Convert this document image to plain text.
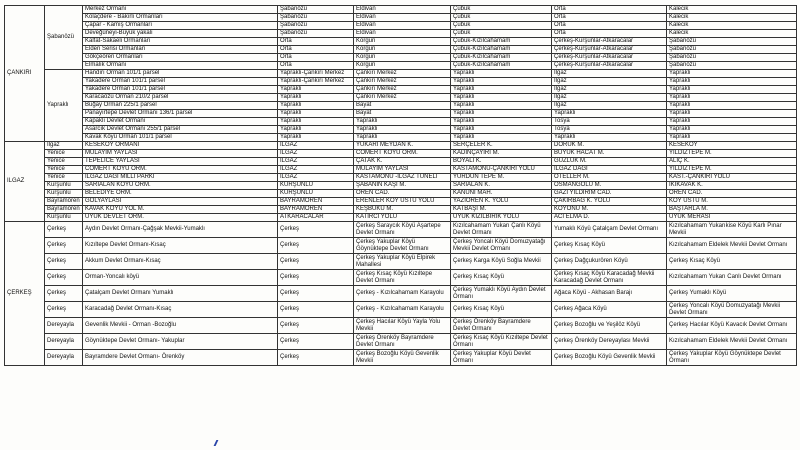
ÇANKIRI	Şabanözü	Merkez Ormanı	Şabanözü	Eldivan	Çubuk	Orta	Kalecik
		Kolaçdere - Bakırlı Ormanları	Şabanözü	Eldivan	Çubuk	Orta	Kalecik
		Çapar - Kamış Ormanları	Şabanözü	Eldivan	Çubuk	Orta	Kalecik
		Deveğüneyi-Büyük yakalı	Şabanözü	Eldivan	Çubuk	Orta	Kalecik
		Kalfat-Sakaeli Ormanları	Orta	Korgun	Çubuk-Kızılcahamam	Çerkeş-Kurşunlar-Atkaracalar	Şabanözü
		Elden Serisi Ormanları	Orta	Korgun	Çubuk-Kızılcahamam	Çerkeş-Kurşunlar-Atkaracalar	Şabanözü
		Gökçeören Ormanları	Orta	Korgun	Çubuk-Kızılcahamam	Çerkeş-Kurşunlar-Atkaracalar	Şabanözü
		Elmalık Ormanı	Orta	Korgun	Çubuk-Kızılcahamam	Çerkeş-Kurşunlar-Atkaracalar	Şabanözü
	Yapraklı	Handırı Orman 101/1 parsel	Yapraklı-Çankırı Merkez	Çankırı Merkez	Yapraklı	Ilgaz	Yapraklı
		Yakadere Orman 101/1 parsel	Yapraklı-Çankırı Merkez	Çankırı Merkez	Yapraklı	Ilgaz	Yapraklı
		Yakadere Orman 101/1 parsel	Yapraklı	Çankırı Merkez	Yapraklı	Ilgaz	Yapraklı
		Karacaözü Orman 210/2 parsel	Yapraklı	Çankırı Merkez	Yapraklı	Ilgaz	Yapraklı
		Buğay Orman 225/1 parsel	Yapraklı	Bayat	Yapraklı	Ilgaz	Yapraklı
		Panayırtepe Devlet Ormanı 136/1 parsel	Yapraklı	Bayat	Yapraklı	Yapraklı	Yapraklı
		Kapaklı Devlet Ormanı	Yapraklı	Yapraklı	Yapraklı	Tosya	Yapraklı
		Asarcık Devlet Ormanı 255/1 parsel	Yapraklı	Yapraklı	Yapraklı	Tosya	Yapraklı
		Kavak Köyü Orman 101/1 parsel	Yapraklı	Yapraklı	Yapraklı	Yapraklı	Yapraklı
ILGAZ	Ilgaz	KESEKÖY ORMANI	ILGAZ	YUKARI MEYDAN K.	SERÇELER K.	DORUK M.	KESEKÖY
	Yenice	MÜLAYİM YAYLASI	ILGAZ	CÖMERT KÖYÜ ORM.	KADINÇAYIRI M.	BÜYÜK HACAT M.	YILDIZTEPE M.
	Yenice	TEPELİCE YAYLASI	ILGAZ	ÇATAK K.	BOYALI K.	GÜZLÜK M.	ALIÇ K.
	Yenice	CÖMERT KÖYÜ ORM.	ILGAZ	MÜLAYİM YAYLASI	KASTAMONU-ÇANKIRI YOLU	ILGAZ DAĞI	YILDIZTEPE M.
	Yenice	ILGAZ DAĞI MİLLİ PARKI	ILGAZ	KASTAMONU -ILGAZ TÜNELİ	YURDUN TEPE M.	OTELLER M.	KAST.-ÇANKIRI YOLU
	Kurşunlu	SARIALAN KÖYÜ ORM.	KURŞUNLU	ŞABANIN KAŞI M.	SARIALAN K.	OSMANGÖLÜ M.	İKİKAVAK K.
	Kurşunlu	BELEDİYE ORM.	KURŞUNLU	ÖREN CAD.	KANUNİ MAH.	GAZİ YILDIRIM CAD.	ÖREN CAD.
	Bayramören	GÖLYAYLASI	BAYRAMÖREN	ERENLER KÖY ÜSTÜ YOLU	YAZIÖREN K. YOLU	ÇAKIRBAĞ K. YOLU	KÖY ÜSTÜ M.
	Bayramören	KAVAK KÖYÜ YOL M.	BAYRAMÖREN	KEŞBÜKÜ M.	KATBAŞI M.	KÖYÖNÜ M.	BAŞTARLA M.
	Kurşunlu	ÜYÜK DEVLET ORM.	ATKARACALAR	KATIRCI YOLU	ÜYÜK KIZILBİRİK YOLU	ACI ELMA D.	ÜYÜK MERASI
ÇERKEŞ	Çerkeş	Aydın Devlet Ormanı-Çağşak Mevkii-Yumaklı	Çerkeş	Çerkeş Saraycık Köyü Aşartepe Devlet Ormanı	Kızılcahamam Yukarı Çanlı Köyü Devlet Ormanı	Yumaklı Köyü Çatalçam Devlet Ormanı	Kızılcahamam Yukarıkise Köyü Karlı Pınar Mevkii
	Çerkeş	Kızıltepe Devlet Ormanı-Kısaç	Çerkeş	Çerkeş Yakuplar Köyü Göynüktepe Devlet Ormanı	Çerkeş Yoncalı Köyü Domuzyatağı Mevkii Devlet Ormanı	Çerkeş Kısaç Köyü	Kızılcahamam Eldelek Mevkii Devlet Ormanı
	Çerkeş	Akkum Devlet Ormanı-Kısaç	Çerkeş	Çerkeş Yakuplar Köyü Elpirek Mahallesi	Çerkeş Karga Köyü Soğla Mevkii	Çerkeş Dağçukurören Köyü	Çerkeş Kısaç Köyü
	Çerkeş	Orman-Yoncalı köyü	Çerkeş	Çerkeş Kısaç Köyü Kızıltepe Devlet Ormanı	Çerkeş Kısaç Köyü	Çerkeş Kısaç Köyü Karacadağ Mevkii Karacadağ Devlet Ormanı	Kızılcahamam Yukarı Canlı Devlet Ormanı
	Çerkeş	Çatalçam Devlet Ormanı Yumaklı	Çerkeş	Çerkeş - Kızılcahamam Karayolu	Çerkeş Yumaklı Köyü Aydın Devlet Ormanı	Ağaca Köyü - Akhasan Barajı	Çerkeş Yumaklı Köyü
	Çerkeş	Karacadağ Devlet Ormanı-Kısaç	Çerkeş	Çerkeş - Kızılcahamam Karayolu	Çerkeş Kısaç Köyü	Çerkeş Ağaca Köyü	Çerkeş Yoncalı Köyü Domuzyatağı Mevkii Devlet Ormanı
	Dereyayla	Gevenlik Mevkii - Orman -Bozoğlu	Çerkeş	Çerkeş Hacılar Köyü Yayla Yolu Mevkii	Çerkeş Örenköy Bayramdere Devlet Ormanı	Çerkeş Bozoğlu ve Yeşilöz Köyü	Çerkeş Hacılar Köyü Kavacık Devlet Ormanı
	Dereyayla	Göynüktepe Devlet Ormanı- Yakuplar	Çerkeş	Çerkeş Örenköy Bayramdere Devlet Ormanı	Çerkeş Kısaç Köyü Kızıltepe Devlet Ormanı	Çerkeş Örenköy Dereyaylası Mevkii	Kızılcahamam Eldelek Mevkii Devlet Ormanı
	Dereyayla	Bayramdere Devlet Ormanı- Örenköy	Çerkeş	Çerkeş Bozoğlu Köyü Gevenlik Mevkii	Çerkeş Yakuplar Köyü Devlet Ormanı	Çerkeş Bozoğlu Köyü Gevenlik Mevkii	Çerkeş Yakuplar Köyü Göynüktepe Devlet Ormanı
